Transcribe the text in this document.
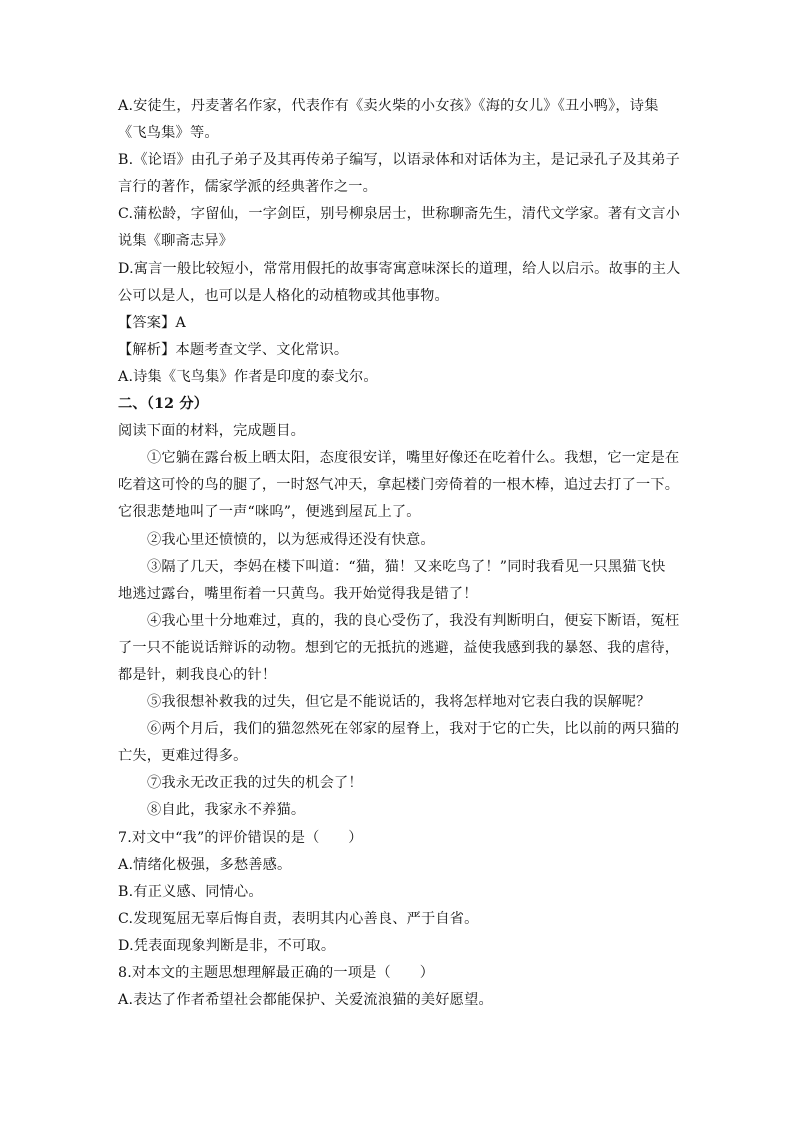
A.安徒生，丹麦著名作家，代表作有《卖火柴的小女孩》《海的女儿》《丑小鸭》，诗集
《飞鸟集》等。
B.《论语》由孔子弟子及其再传弟子编写，以语录体和对话体为主，是记录孔子及其弟子
言行的著作，儒家学派的经典著作之一。
C.蒲松龄，字留仙，一字剑臣，别号柳泉居士，世称聊斋先生，清代文学家。著有文言小
说集《聊斋志异》
D.寓言一般比较短小，常常用假托的故事寄寓意味深长的道理，给人以启示。故事的主人
公可以是人，也可以是人格化的动植物或其他事物。
【答案】A
【解析】本题考查文学、文化常识。
A.诗集《飞鸟集》作者是印度的泰戈尔。
二、（12 分）
阅读下面的材料，完成题目。
①它躺在露台板上晒太阳，态度很安详，嘴里好像还在吃着什么。我想，它一定是在
吃着这可怜的鸟的腿了，一时怒气冲天，拿起楼门旁倚着的一根木棒，追过去打了一下。
它很悲楚地叫了一声“咪呜”，便逃到屋瓦上了。
②我心里还愤愤的，以为惩戒得还没有快意。
③隔了几天，李妈在楼下叫道：“猫，猫！又来吃鸟了！”同时我看见一只黑猫飞快
地逃过露台，嘴里衔着一只黄鸟。我开始觉得我是错了！
④我心里十分地难过，真的，我的良心受伤了，我没有判断明白，便妄下断语，冤枉
了一只不能说话辩诉的动物。想到它的无抵抗的逃避，益使我感到我的暴怒、我的虐待，
都是针，刺我良心的针！
⑤我很想补救我的过失，但它是不能说话的，我将怎样地对它表白我的误解呢？
⑥两个月后，我们的猫忽然死在邻家的屋脊上，我对于它的亡失，比以前的两只猫的
亡失，更难过得多。
⑦我永无改正我的过失的机会了！
⑧自此，我家永不养猫。
7.对文中“我”的评价错误的是（　　）
A.情绪化极强，多愁善感。
B.有正义感、同情心。
C.发现冤屈无辜后悔自责，表明其内心善良、严于自省。
D.凭表面现象判断是非，不可取。
8.对本文的主题思想理解最正确的一项是（　　）
A.表达了作者希望社会都能保护、关爱流浪猫的美好愿望。
